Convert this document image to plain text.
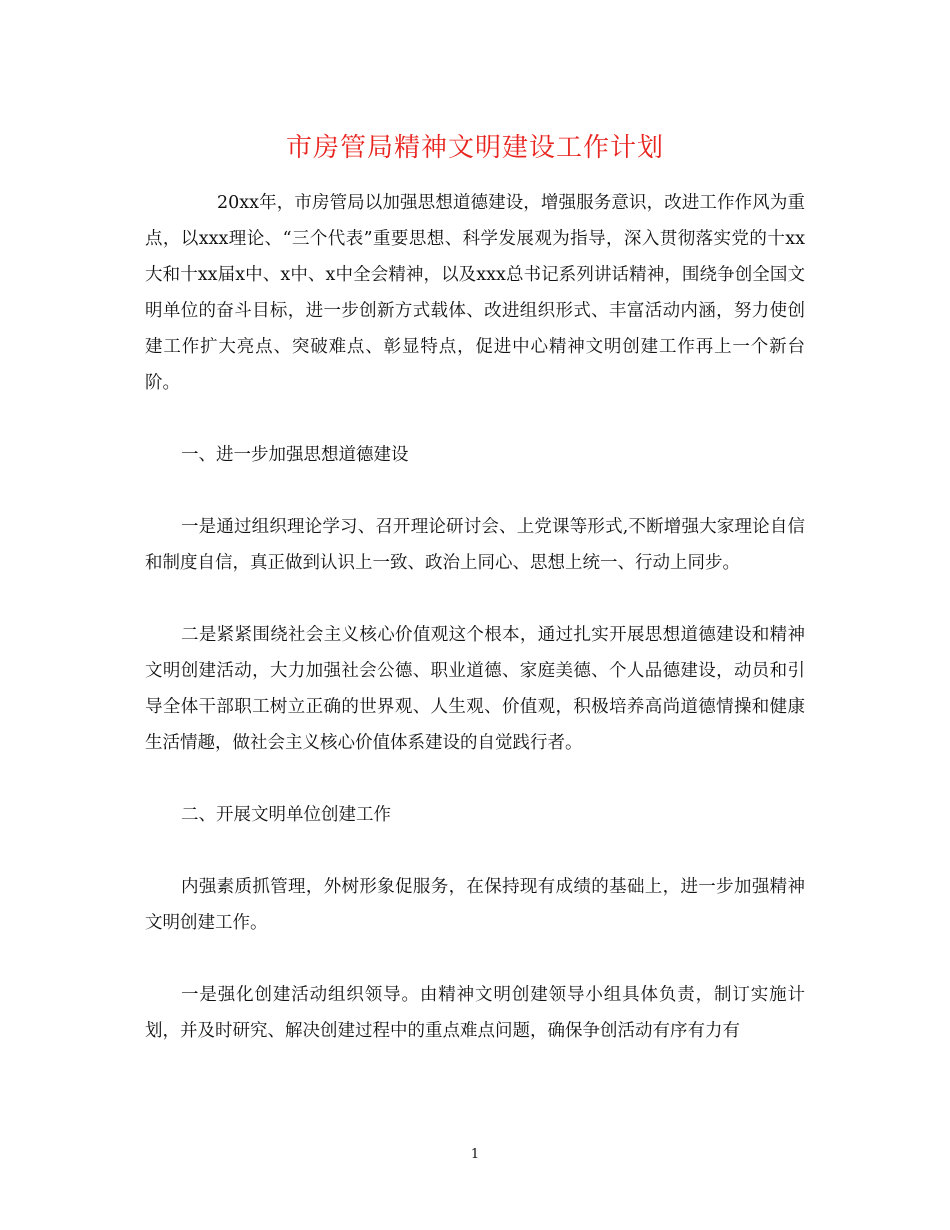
市房管局精神文明建设工作计划

20xx年，市房管局以加强思想道德建设，增强服务意识，改进工作作风为重点，以xxx理论、“三个代表”重要思想、科学发展观为指导，深入贯彻落实党的十xx大和十xx届x中、x中、x中全会精神，以及xxx总书记系列讲话精神，围绕争创全国文明单位的奋斗目标，进一步创新方式载体、改进组织形式、丰富活动内涵，努力使创建工作扩大亮点、突破难点、彰显特点，促进中心精神文明创建工作再上一个新台阶。

一、进一步加强思想道德建设

一是通过组织理论学习、召开理论研讨会、上党课等形式,不断增强大家理论自信和制度自信，真正做到认识上一致、政治上同心、思想上统一、行动上同步。

二是紧紧围绕社会主义核心价值观这个根本，通过扎实开展思想道德建设和精神文明创建活动，大力加强社会公德、职业道德、家庭美德、个人品德建设，动员和引导全体干部职工树立正确的世界观、人生观、价值观，积极培养高尚道德情操和健康生活情趣，做社会主义核心价值体系建设的自觉践行者。

二、开展文明单位创建工作

内强素质抓管理，外树形象促服务，在保持现有成绩的基础上，进一步加强精神文明创建工作。

一是强化创建活动组织领导。由精神文明创建领导小组具体负责，制订实施计划，并及时研究、解决创建过程中的重点难点问题，确保争创活动有序有力有

1
